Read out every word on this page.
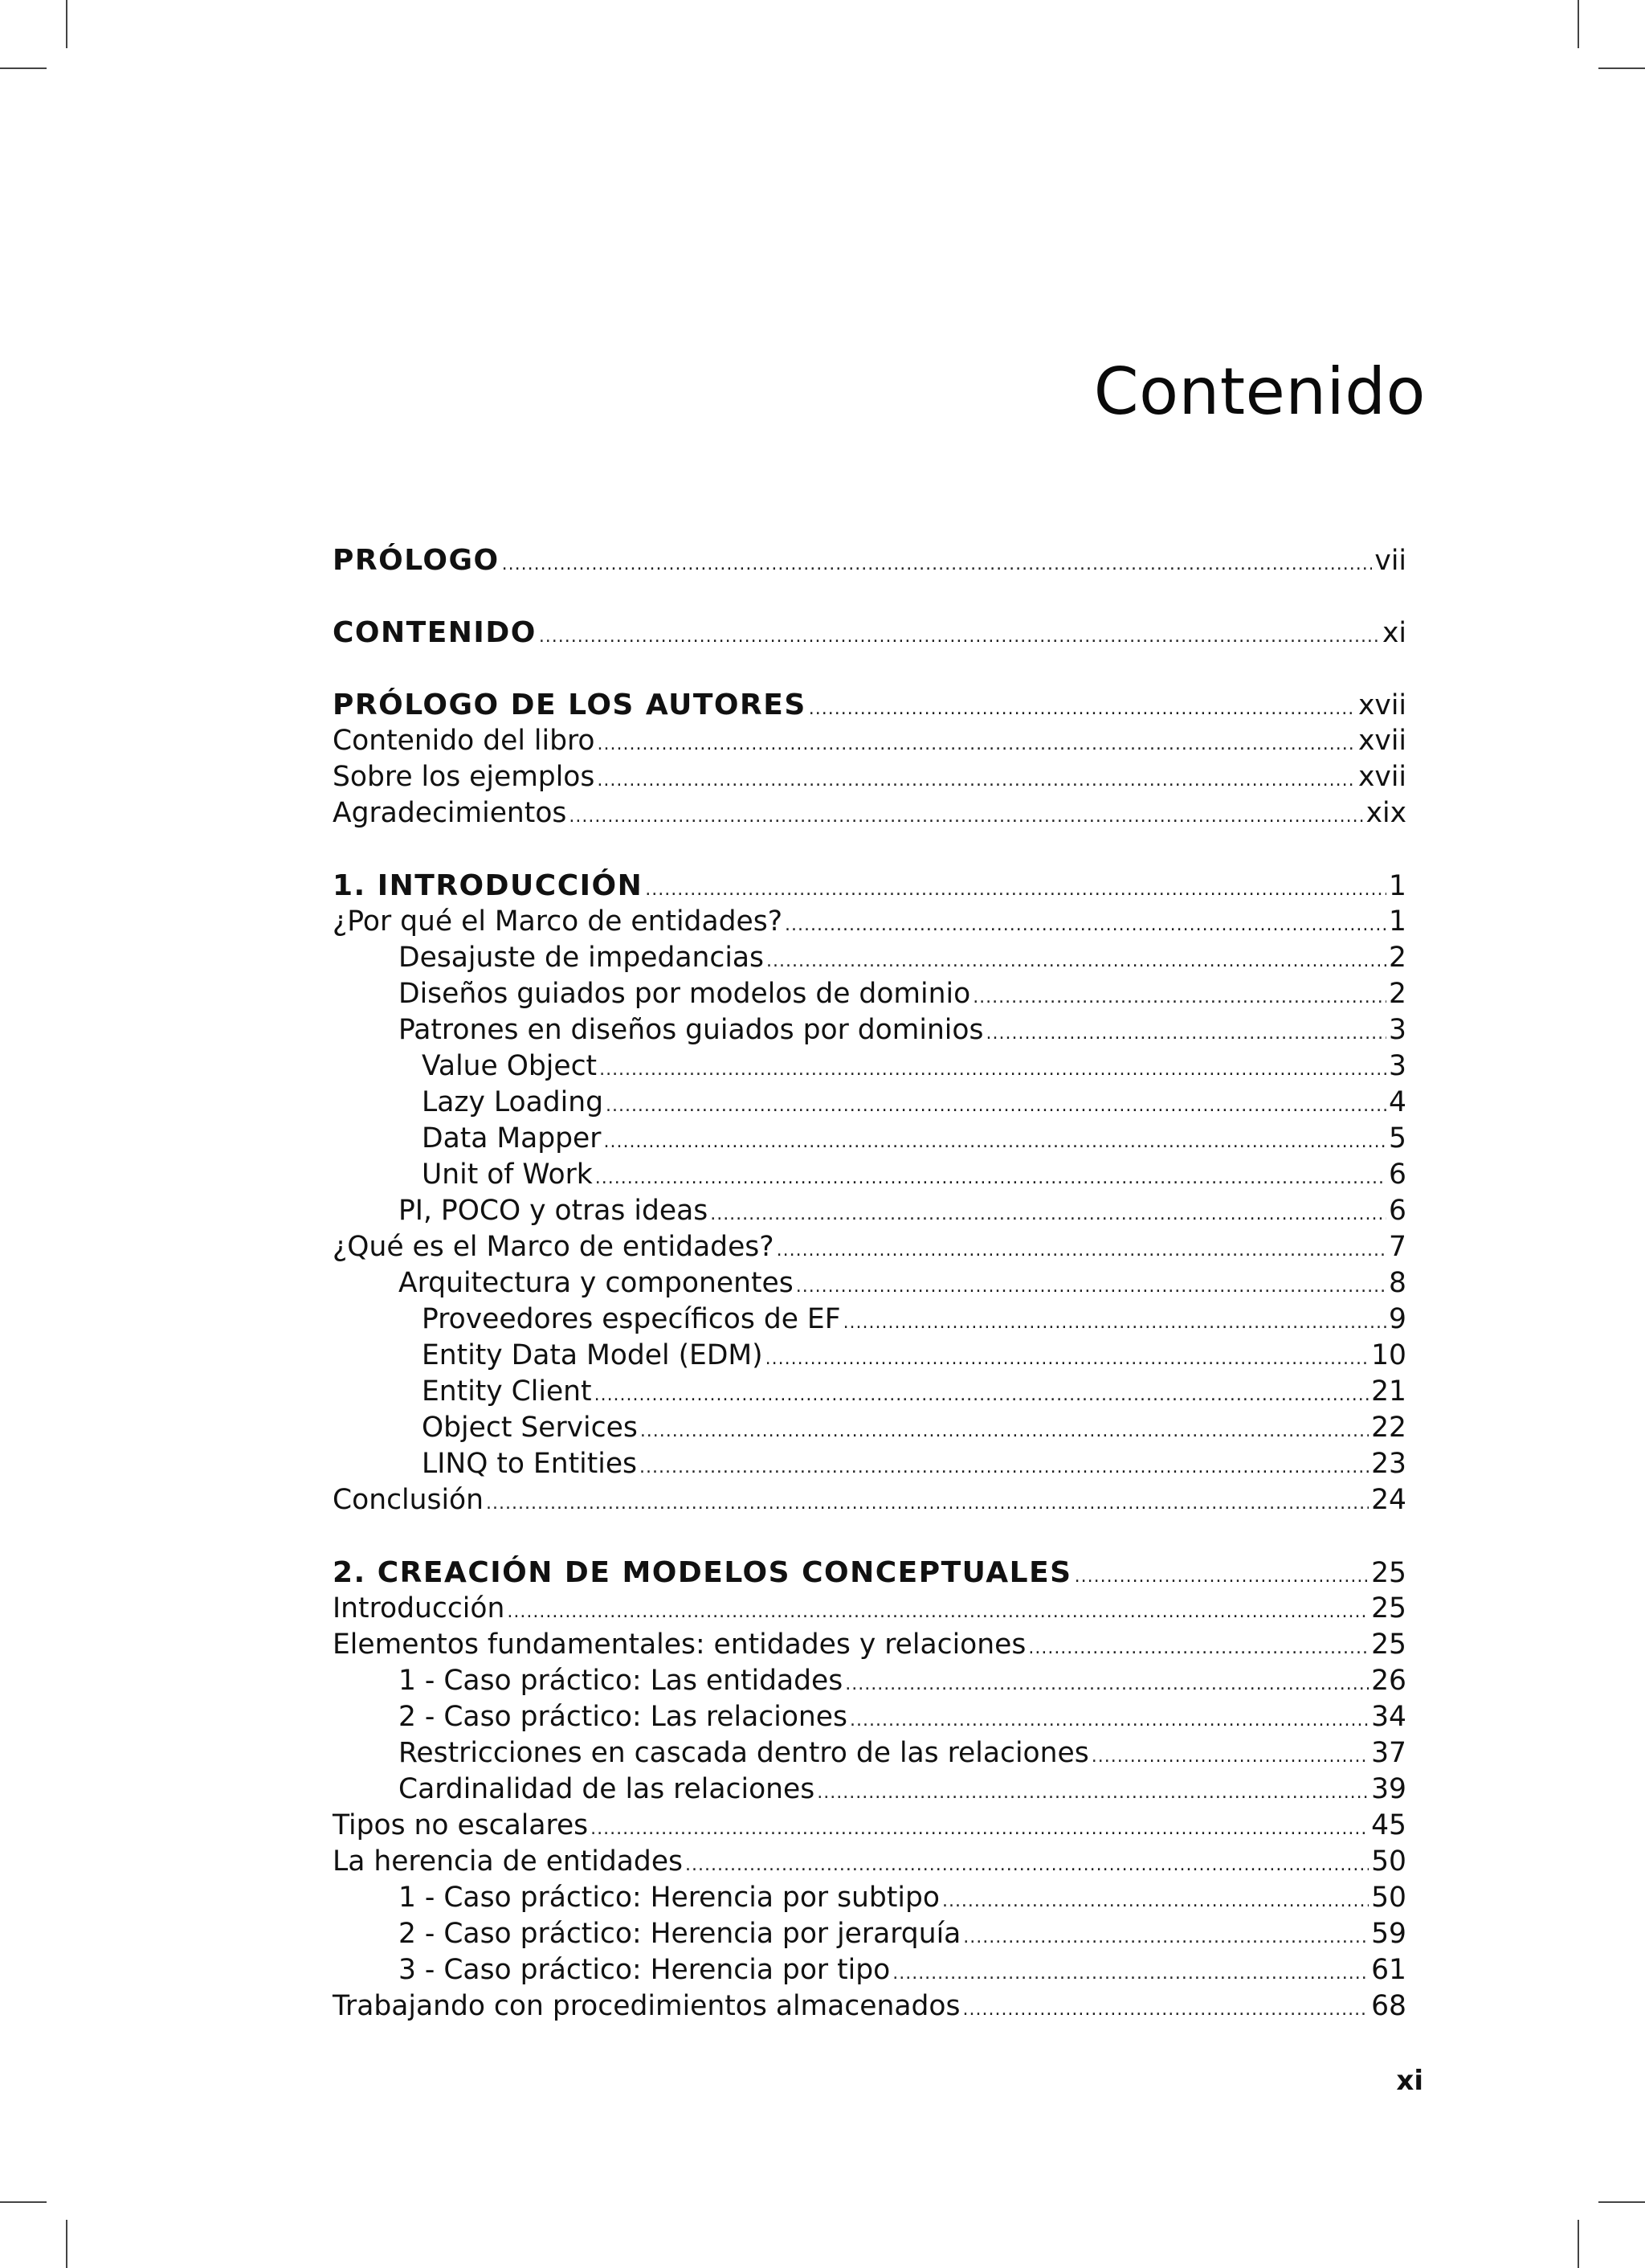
Contenido
PRÓLOGO .....	vii
CONTENIDO .....	xi
PRÓLOGO DE LOS AUTORES .....	xvii
Contenido del libro .....	xvii
Sobre los ejemplos .....	xvii
Agradecimientos .....	xix
1. INTRODUCCIÓN .....	1
¿Por qué el Marco de entidades? .....	1
Desajuste de impedancias .....	2
Diseños guiados por modelos de dominio .....	2
Patrones en diseños guiados por dominios .....	3
Value Object .....	3
Lazy Loading .....	4
Data Mapper .....	5
Unit of Work .....	6
PI, POCO y otras ideas .....	6
¿Qué es el Marco de entidades? .....	7
Arquitectura y componentes .....	8
Proveedores específicos de EF .....	9
Entity Data Model (EDM) .....	10
Entity Client .....	21
Object Services .....	22
LINQ to Entities .....	23
Conclusión .....	24
2. CREACIÓN DE MODELOS CONCEPTUALES .....	25
Introducción .....	25
Elementos fundamentales: entidades y relaciones .....	25
1 - Caso práctico: Las entidades .....	26
2 - Caso práctico: Las relaciones .....	34
Restricciones en cascada dentro de las relaciones .....	37
Cardinalidad de las relaciones .....	39
Tipos no escalares .....	45
La herencia de entidades .....	50
1 - Caso práctico: Herencia por subtipo .....	50
2 - Caso práctico: Herencia por jerarquía .....	59
3 - Caso práctico: Herencia por tipo .....	61
Trabajando con procedimientos almacenados .....	68
xi
